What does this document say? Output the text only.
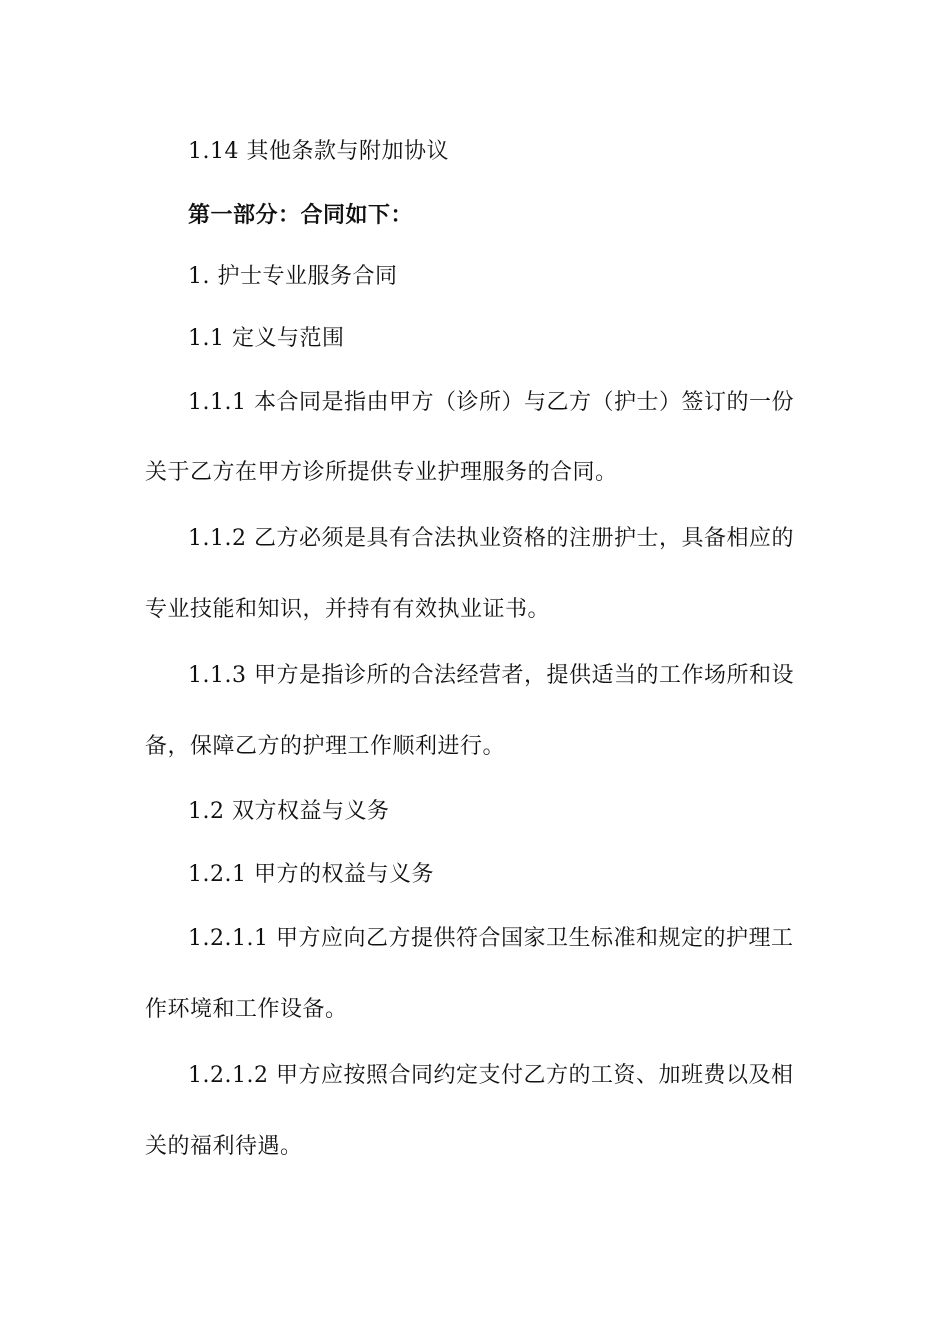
1.14 其他条款与附加协议
第一部分：合同如下：
1. 护士专业服务合同
1.1 定义与范围
1.1.1 本合同是指由甲方（诊所）与乙方（护士）签订的一份
关于乙方在甲方诊所提供专业护理服务的合同。
1.1.2 乙方必须是具有合法执业资格的注册护士，具备相应的
专业技能和知识，并持有有效执业证书。
1.1.3 甲方是指诊所的合法经营者，提供适当的工作场所和设
备，保障乙方的护理工作顺利进行。
1.2 双方权益与义务
1.2.1 甲方的权益与义务
1.2.1.1 甲方应向乙方提供符合国家卫生标准和规定的护理工
作环境和工作设备。
1.2.1.2 甲方应按照合同约定支付乙方的工资、加班费以及相
关的福利待遇。
